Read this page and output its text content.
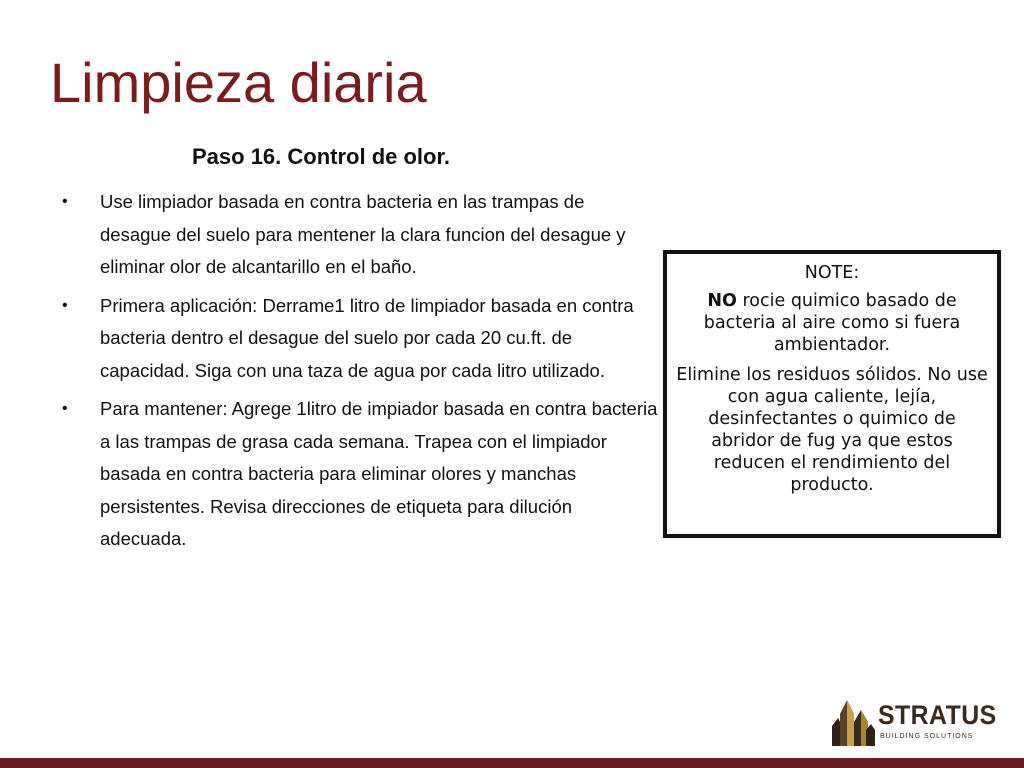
Limpieza diaria
Paso 16. Control de olor.
• Use limpiador basada en contra bacteria en las trampas de desague del suelo para mentener la clara funcion del desague y eliminar olor de alcantarillo en el baño.
• Primera aplicación: Derrame1 litro de limpiador basada en contra bacteria dentro el desague del suelo por cada 20 cu.ft. de capacidad. Siga con una taza de agua por cada litro utilizado.
• Para mantener: Agrege 1litro de impiador basada en contra bacteria a las trampas de grasa cada semana. Trapea con el limpiador basada en contra bacteria para eliminar olores y manchas persistentes. Revisa direcciones de etiqueta para dilución adecuada.

NOTE:

NO rocie quimico basado de bacteria al aire como si fuera ambientador.

Elimine los residuos sólidos. No use con agua caliente, lejía, desinfectantes o quimico de abridor de fug ya que estos reducen el rendimiento del producto.

STRATUS
BUILDING SOLUTIONS
